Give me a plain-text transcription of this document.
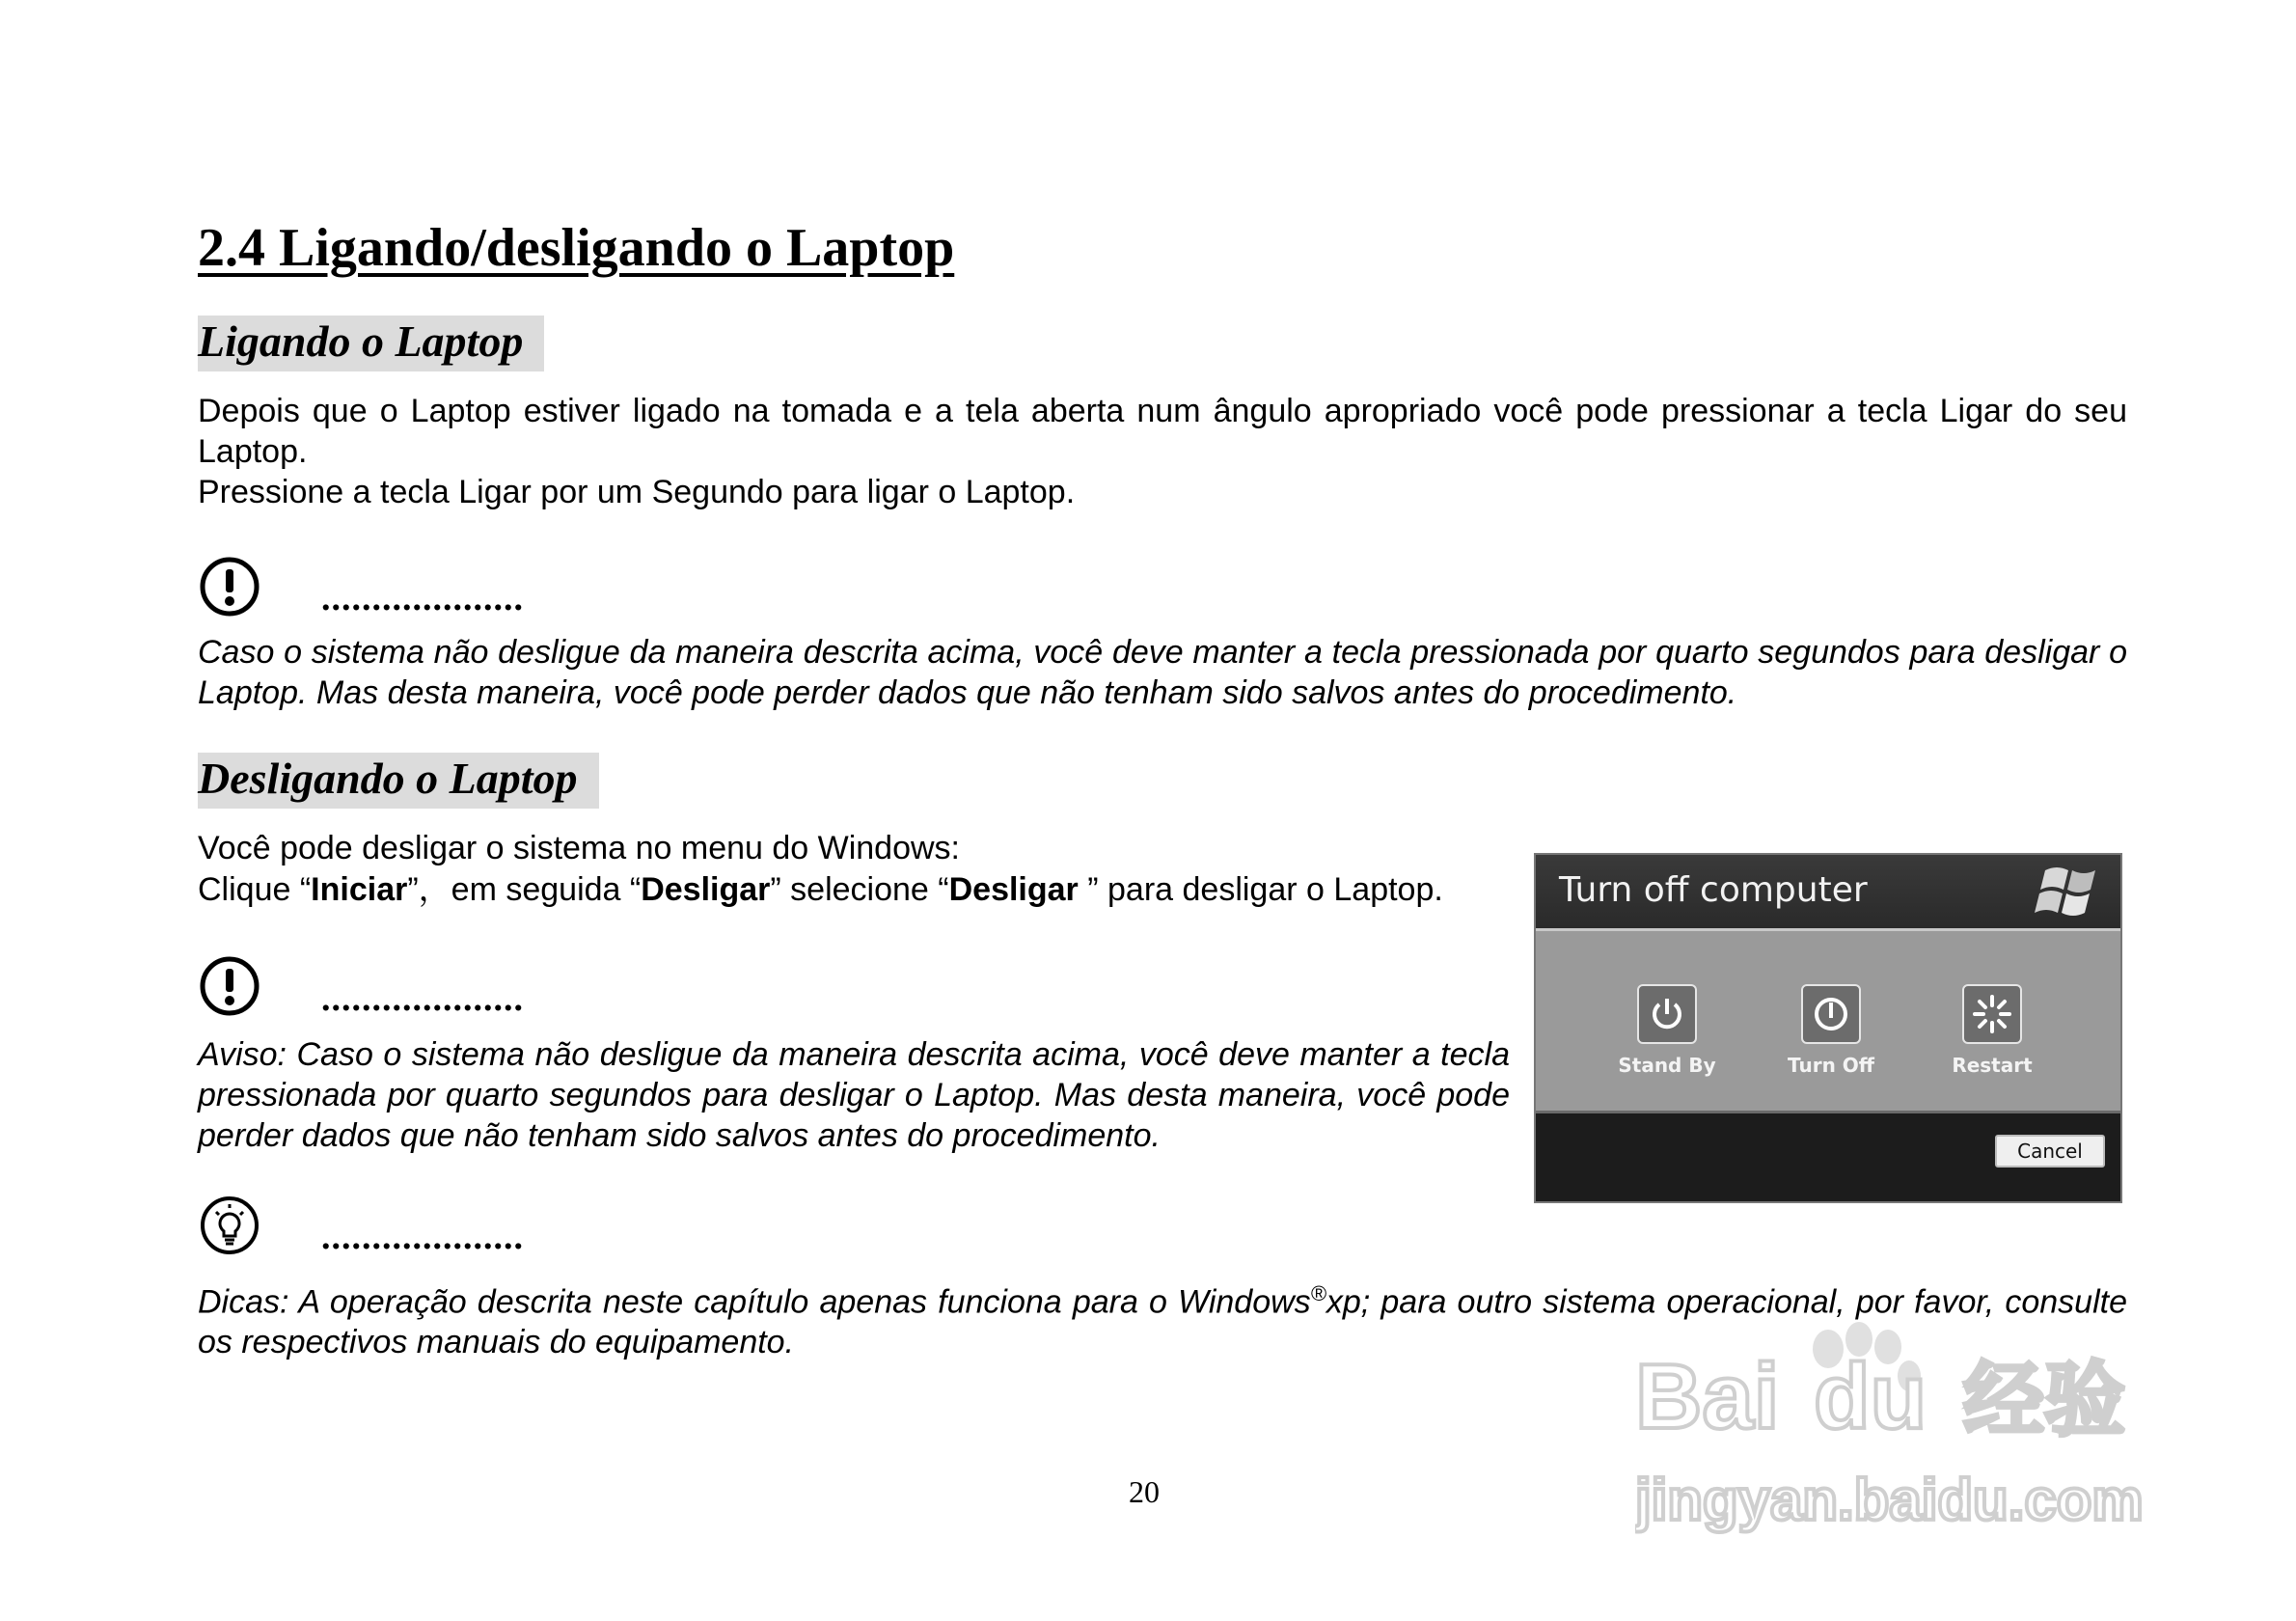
2.4 Ligando/desligando o Laptop
Ligando o Laptop

Depois que o Laptop estiver ligado na tomada e a tela aberta num ângulo apropriado você pode pressionar a tecla Ligar do seu Laptop.

Pressione a tecla Ligar por um Segundo para ligar o Laptop.

....................

Caso o sistema não desligue da maneira descrita acima, você deve manter a tecla pressionada por quarto segundos para desligar o Laptop. Mas desta maneira, você pode perder dados que não tenham sido salvos antes do procedimento.

Desligando o Laptop

Você pode desligar o sistema no menu do Windows:

Clique “Iniciar”，em seguida “Desligar” selecione “Desligar ” para desligar o Laptop.

....................

Aviso: Caso o sistema não desligue da maneira descrita acima, você deve manter a tecla pressionada por quarto segundos para desligar o Laptop. Mas desta maneira, você pode perder dados que não tenham sido salvos antes do procedimento.

....................

Dicas: A operação descrita neste capítulo apenas funciona para o Windows®xp; para outro sistema operacional, por favor, consulte os respectivos manuais do equipamento.

Turn off computer
Stand By	Turn Off	Restart
Cancel
20
Bai du 经验
jingyan.baidu.com
